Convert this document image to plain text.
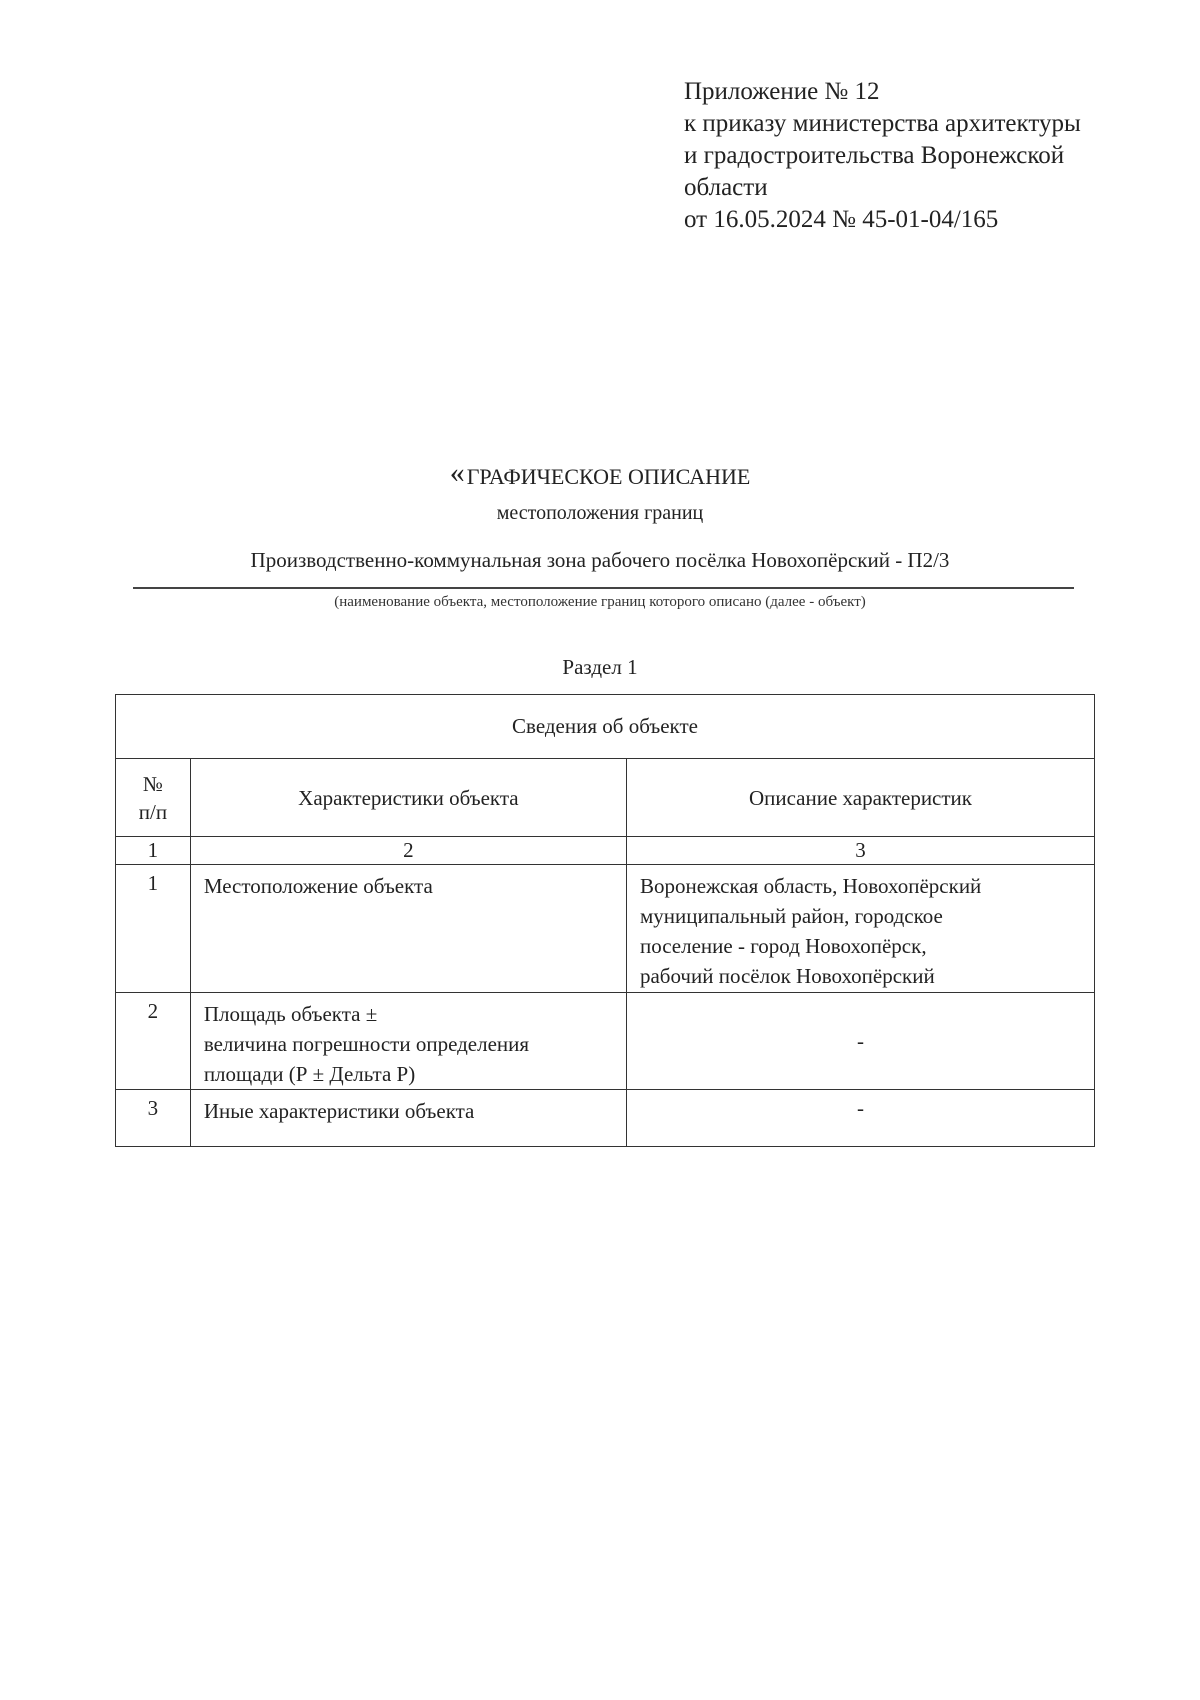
Приложение № 12
к приказу министерства архитектуры
и градостроительства Воронежской
области
от 16.05.2024 № 45-01-04/165
«ГРАФИЧЕСКОЕ ОПИСАНИЕ
местоположения границ
Производственно-коммунальная зона рабочего посёлка Новохопёрский - П2/3
(наименование объекта, местоположение границ которого описано (далее - объект)
Раздел 1
Сведения об объекте		

№
п/п	Характеристики объекта	Описание характеристик
1	2	3
1	Местоположение объекта	Воронежская область, Новохопёрский
муниципальный район, городское
поселение - город Новохопёрск,
рабочий посёлок Новохопёрский

2	Площадь объекта ±
величина погрешности определения
площади (Р ± Дельта Р)	-
3	Иные характеристики объекта	-
